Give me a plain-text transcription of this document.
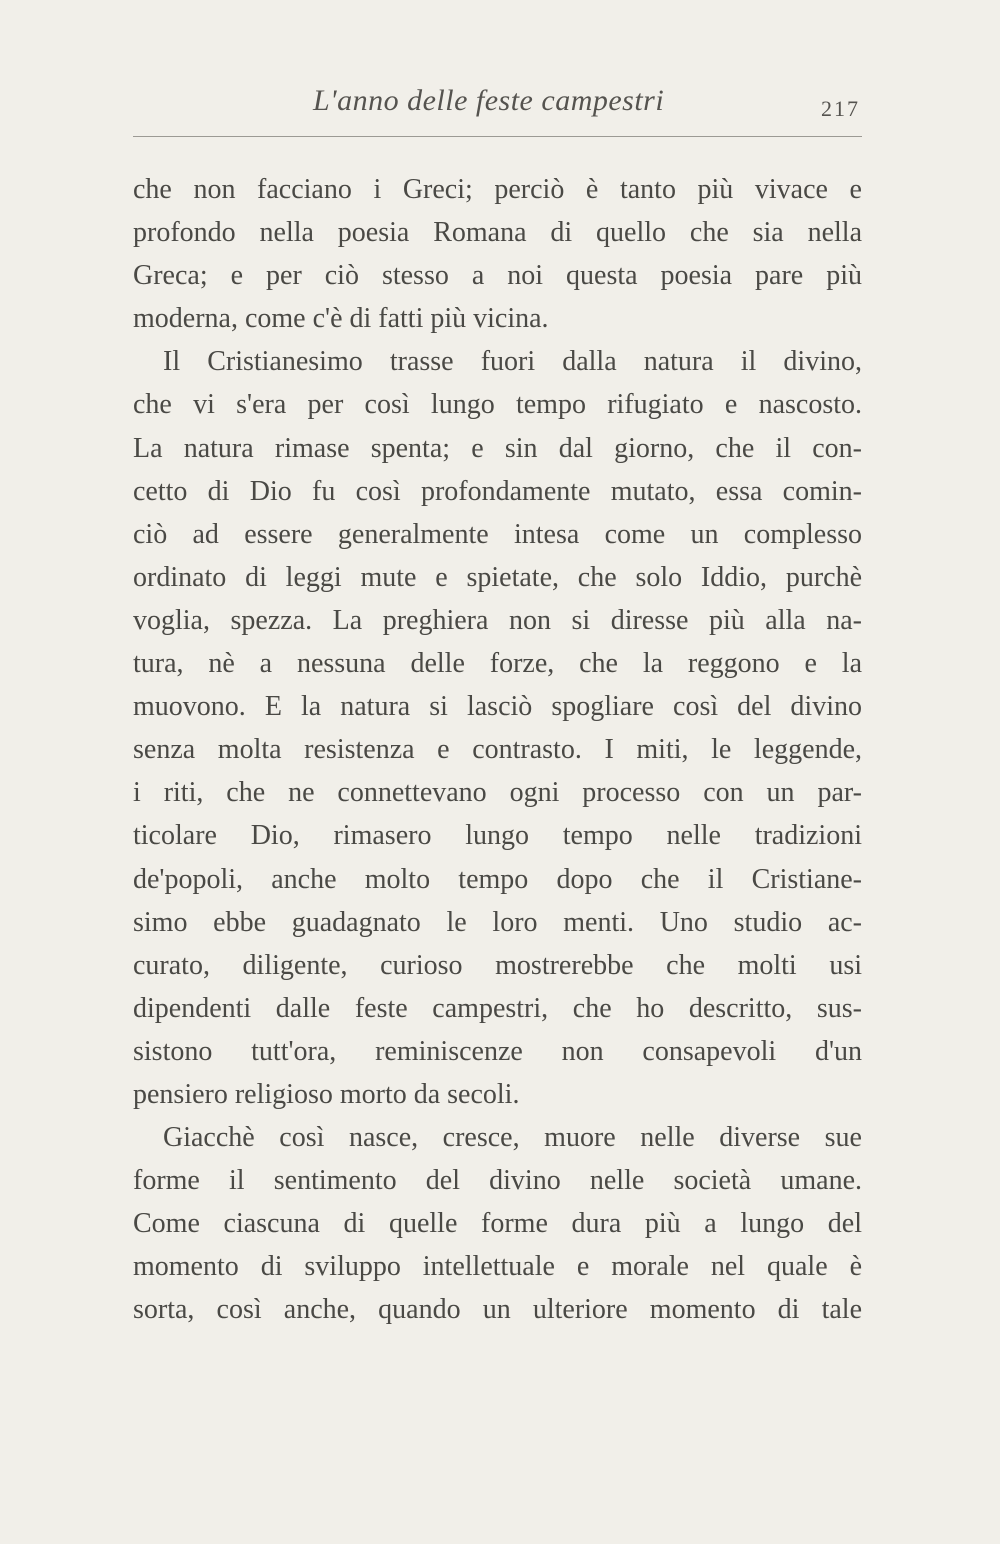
L'anno delle feste campestri	217
che non facciano i Greci; perciò è tanto più vivace e
profondo nella poesia Romana di quello che sia nella
Greca; e per ciò stesso a noi questa poesia pare più
moderna, come c'è di fatti più vicina.
Il Cristianesimo trasse fuori dalla natura il divino,
che vi s'era per così lungo tempo rifugiato e nascosto.
La natura rimase spenta; e sin dal giorno, che il con-
cetto di Dio fu così profondamente mutato, essa comin-
ciò ad essere generalmente intesa come un complesso
ordinato di leggi mute e spietate, che solo Iddio, purchè
voglia, spezza. La preghiera non si diresse più alla na-
tura, nè a nessuna delle forze, che la reggono e la
muovono. E la natura si lasciò spogliare così del divino
senza molta resistenza e contrasto. I miti, le leggende,
i riti, che ne connettevano ogni processo con un par-
ticolare Dio, rimasero lungo tempo nelle tradizioni
de'popoli, anche molto tempo dopo che il Cristiane-
simo ebbe guadagnato le loro menti. Uno studio ac-
curato, diligente, curioso mostrerebbe che molti usi
dipendenti dalle feste campestri, che ho descritto, sus-
sistono tutt'ora, reminiscenze non consapevoli d'un
pensiero religioso morto da secoli.
Giacchè così nasce, cresce, muore nelle diverse sue
forme il sentimento del divino nelle società umane.
Come ciascuna di quelle forme dura più a lungo del
momento di sviluppo intellettuale e morale nel quale è
sorta, così anche, quando un ulteriore momento di tale
